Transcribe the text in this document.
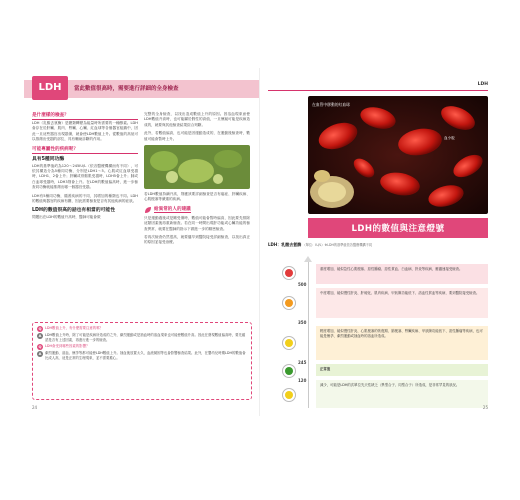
LDH	當此數值很高時，需要進行詳細的全身檢查
是什麼樣的檢查？
LDH（乳酸去氫酶）是糖類轉變為能量時所需要的一種酵素。LDH會存在於肝臟、肌肉、腎臟、心臟、紅血球等各個器官組織中，因此一旦這些器官出現損傷，就會使LDH數值上升。從數值的高低可以推測出受損的部位，具有輔助診斷的作用。
可能專屬性的疾病呢？
具有5種同功酶
LDH的基準值約為120～245IU/L（依各醫療機構而有不同），可依其構造分為5種同功酶，分別是LDH1～5。心肌或紅血球受損時，LDH1、2會上升；肝臟或骨骼肌受損時，LDH5會上升；肺或白血球受損時，LDH3則會上升。在LDH的數值偏高時，進一步檢查同功酶就能推測出哪一個器官受損。
LDH有5種同功酶，隨著疾病的不同，其增加的種類也不同。LDH的數值與器官的疾病有關，因此需要檢查是否有其他疾病的症狀。
LDH的數值很高的話也有相當的可能性
問題出在LDH的數值升高時，醫師可能會做
完整的全身檢查，以找出造成數值上升的原因。因溶血現象而使LDH數值升高時，也可能屬於假性的高值，一旦懷疑可能是疾病造成的，就要與其他檢查結果綜合判斷。
此外，若數值偏高，也可能是因運動造成的，在運動後檢查時，數值可能會暫時上升。
若LDH數值持續升高，則應該要詳細檢查是否有癌症、肝臟疾病、心肌梗塞等嚴重的疾病。
給異常的人的建議
只是運動過後或是剛受傷時，數值可能會暫時偏高，因此要先排除這類因素後再重新檢查。若在同一時間出現肝功能或心臟功能的檢查異常，就要在醫師的指示下做進一步的精密檢查。
若再次檢查仍然很高，就要儘早到醫院接受詳細檢查，以找出真正的原因並接受治療。
Q	LDH數值上升，有什麼需要注意的嗎？
A	LDH數值上升時，除了可能是疾病所造成的之外，劇烈運動或是抽血時的溶血現象也可能使數值升高。因此在發現數值偏高時，要先確認是否有上述因素，再進行進一步的檢查。
Q	LDH會受到哪些因素的影響？
A	劇烈運動、溶血、懷孕等都可能使LDH數值上升。抽血後放置太久、血液凝固等也會影響檢查結果。此外，在嬰幼兒時期LDH的數值會比成人高，這是正常的生理現象，並不需要擔心。
24
LDH
在血管中移動的紅血球
血小板
LDH的數值與注意燈號
LDH：乳酸去氫酶 （單位：IU/L）※LDH的基準值依各醫療機構不同
500
350
245
120
重度增加，疑似急性心肌梗塞、惡性腫瘤、惡性貧血、白血病、肝炎等疾病，應儘速接受檢查。
中度增加，疑似慢性肝炎、肝硬化、肌肉疾病、甲狀腺功能低下、溶血性貧血等疾病，要到醫院接受檢查。
輕度增加，疑似慢性肝炎、心肌梗塞的恢復期、肺梗塞、腎臟疾病、甲狀腺功能低下、惡性腫瘤等疾病，也可能是懷孕、劇烈運動或抽血時的溶血所造成。
正常值
減少，可能是LDH的次單位先天性缺乏（異型合子、同型合子）所造成，是非常罕見的狀況。
25
